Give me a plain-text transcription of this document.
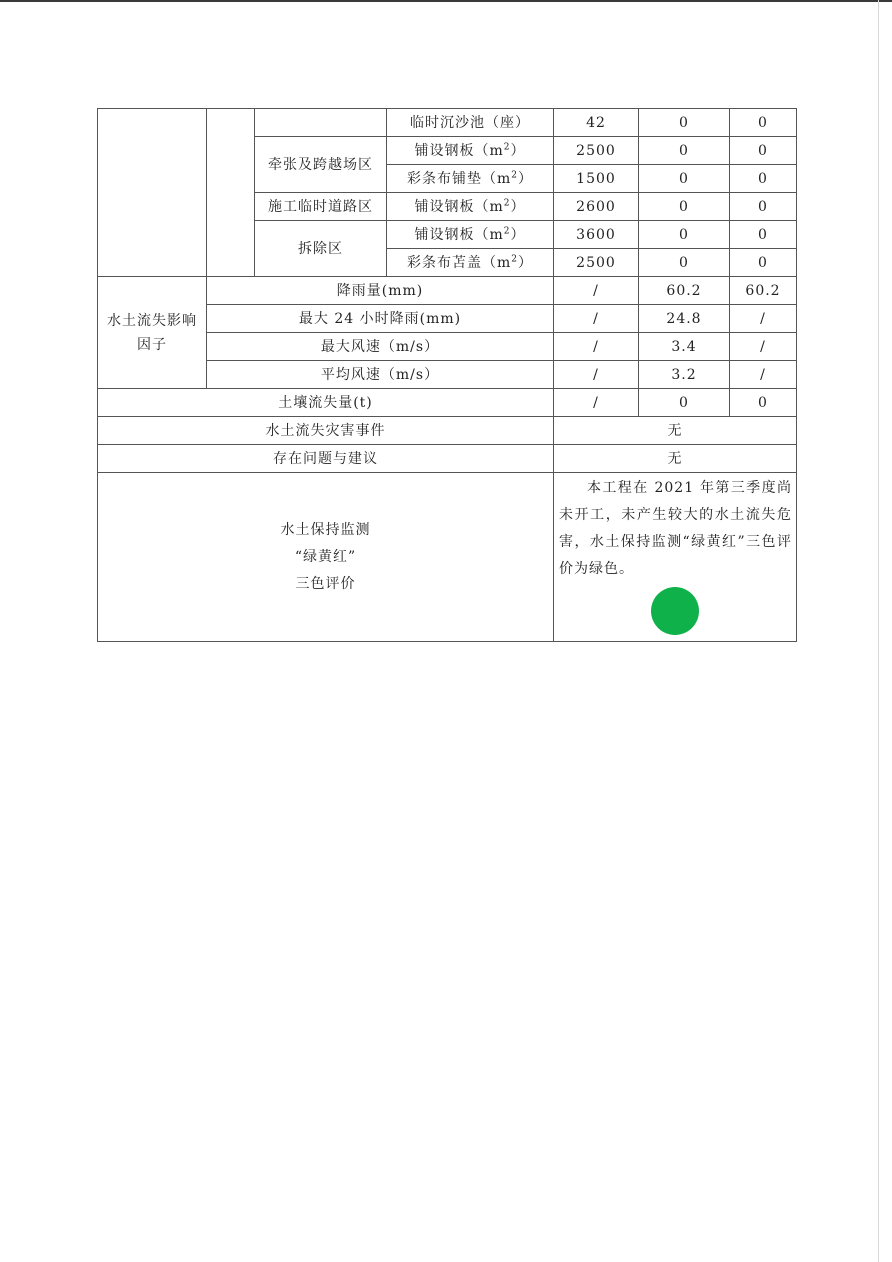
			临时沉沙池（座）	42	0	0
		牵张及跨越场区	铺设钢板$(m^2)$	2500	0	0
			彩条布铺垫$(m^2)$	1500	0	0
		施工临时道路区	铺设钢板$(m^2)$	2600	0	0
		拆除区	铺设钢板$(m^2)$	3600	0	0
			彩条布苫盖$(m^2)$	2500	0	0

水土流失影响
因子	降雨量(mm)			/	60.2	60.2
	最大 24 小时降雨(mm)			/	24.8	/
	最大风速（m/s）			/	3.4	/
	平均风速（m/s）			/	3.2	/
土壤流失量(t)				/	0	0
水土流失灾害事件				无		
存在问题与建议				无		

水土保持监测
“绿黄红”
三色评价				本工程在 2021 年第三季度尚未开工，未产生较大的水土流失危害，水土保持监测“绿黄红”三色评价为绿色。		
